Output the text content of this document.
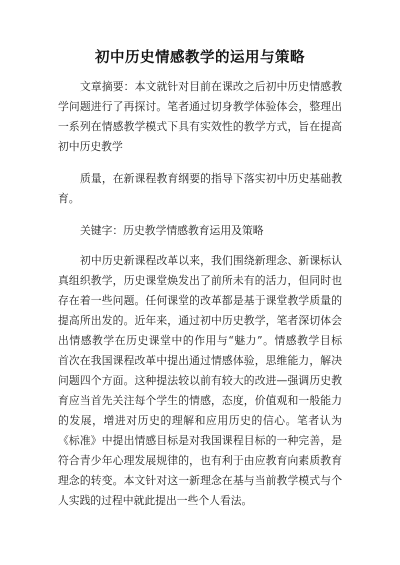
初中历史情感教学的运用与策略
文章摘要：本文就针对目前在课改之后初中历史情感教
学问题进行了再探讨。笔者通过切身教学体验体会，整理出
一系列在情感教学模式下具有实效性的教学方式，旨在提高
初中历史教学
质量，在新课程教育纲要的指导下落实初中历史基础教
育。
关键字：历史教学情感教育运用及策略
初中历史新课程改革以来，我们围绕新理念、新课标认
真组织教学，历史课堂焕发出了前所未有的活力，但同时也
存在着一些问题。任何课堂的改革都是基于课堂教学质量的
提高所出发的。近年来，通过初中历史教学，笔者深切体会
出情感教学在历史课堂中的作用与“魅力”。情感教学目标
首次在我国课程改革中提出通过情感体验，思维能力，解决
问题四个方面。这种提法较以前有较大的改进—强调历史教
育应当首先关注每个学生的情感，态度，价值观和一般能力
的发展，增进对历史的理解和应用历史的信心。笔者认为
《标准》中提出情感目标是对我国课程目标的一种完善，是
符合青少年心理发展规律的，也有利于由应教育向素质教育
理念的转变。本文针对这一新理念在基与当前教学模式与个
人实践的过程中就此提出一些个人看法。
